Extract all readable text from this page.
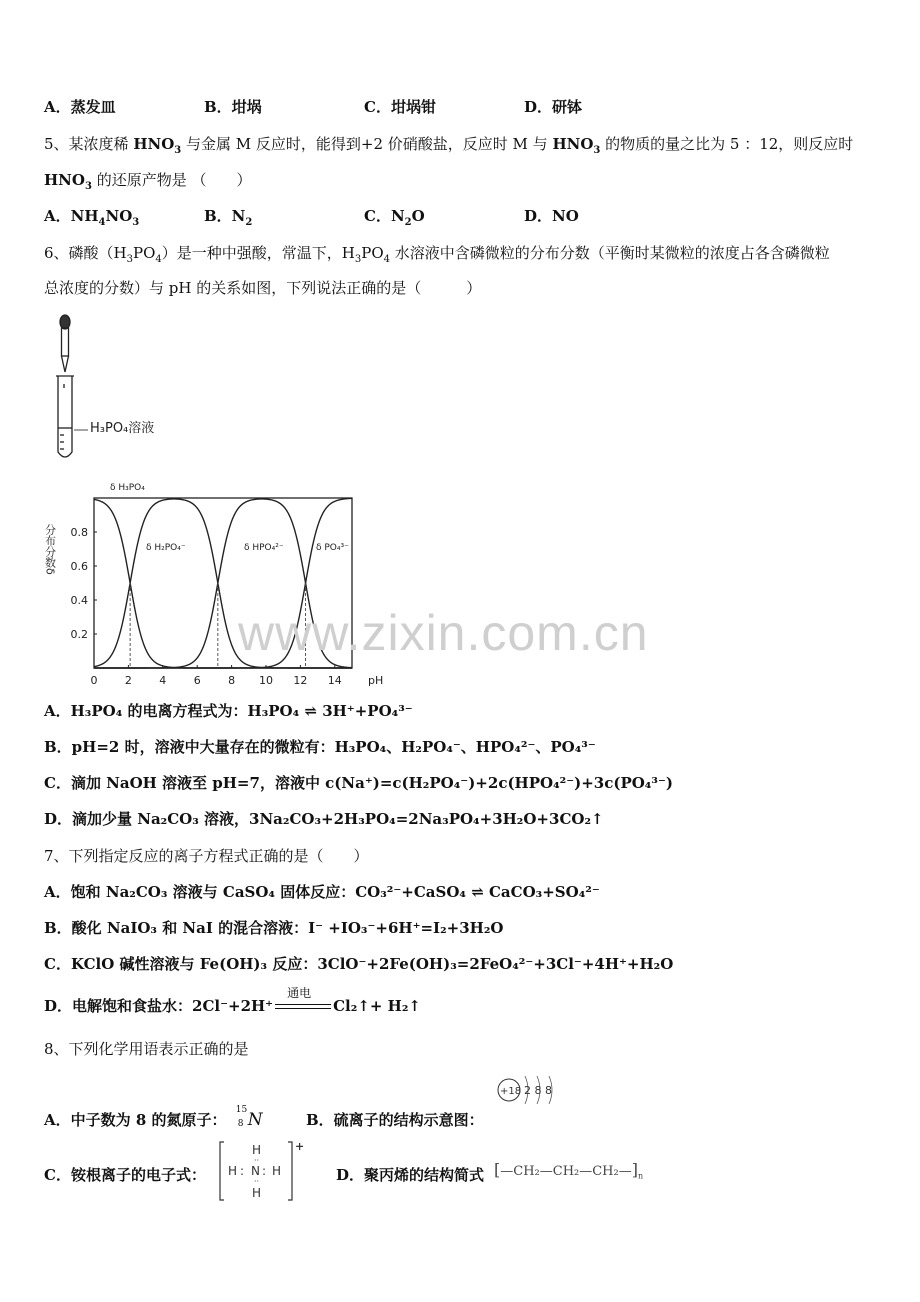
A．蒸发皿	B．坩埚	C．坩埚钳	D．研钵
5、某浓度稀 $HNO_3$ 与金属 M 反应时，能得到+2 价硝酸盐，反应时 M 与 $HNO_3$ 的物质的量之比为 5 ：12，则反应时
$HNO_3$ 的还原产物是 （　　）
A．$NH_4NO_3$	B．$N_2$	C．$N_2O$	D．NO
6、磷酸$(H_3PO_4)$是一种中强酸，常温下，$H_3PO_4$ 水溶液中含磷微粒的分布分数（平衡时某微粒的浓度占各含磷微粒
总浓度的分数）与 pH 的关系如图，下列说法正确的是（　　　）
H₃PO₄溶液
0 2 4 6 8 10 12 14
0.2
0.4
0.6
0.8
pH
分布分数δ
δ H₃PO₄
δ H₂PO₄⁻	δ HPO₄²⁻	δ PO₄³⁻
www.zixin.com.cn
A．H₃PO₄ 的电离方程式为：H₃PO₄ ⇌ 3H⁺+PO₄³⁻
B．pH=2 时，溶液中大量存在的微粒有：H₃PO₄、H₂PO₄⁻、HPO₄²⁻、PO₄³⁻
C．滴加 NaOH 溶液至 pH=7，溶液中 c(Na⁺)=c(H₂PO₄⁻)+2c(HPO₄²⁻)+3c(PO₄³⁻)
D．滴加少量 Na₂CO₃ 溶液，3Na₂CO₃+2H₃PO₄=2Na₃PO₄+3H₂O+3CO₂↑
7、下列指定反应的离子方程式正确的是（　　）
A．饱和 Na₂CO₃ 溶液与 CaSO₄ 固体反应：CO₃²⁻+CaSO₄ ⇌ CaCO₃+SO₄²⁻
B．酸化 NaIO₃ 和 NaI 的混合溶液：I⁻ +IO₃⁻+6H⁺=I₂+3H₂O
C．KClO 碱性溶液与 Fe(OH)₃ 反应：3ClO⁻+2Fe(OH)₃=2FeO₄²⁻+3Cl⁻+4H⁺+H₂O
D．电解饱和食盐水：2Cl⁻+2H⁺
通电
Cl₂↑+ H₂↑
8、下列化学用语表示正确的是
A．中子数为 8 的氮原子：
15
8 N	B．硫离子的结构示意图：
+18 2 8 8
C．铵根离子的电子式：
H
··
H : N : H
··
H
+
D．聚丙烯的结构简式 $[—CH_2—CH_2—CH_2—]_n$
